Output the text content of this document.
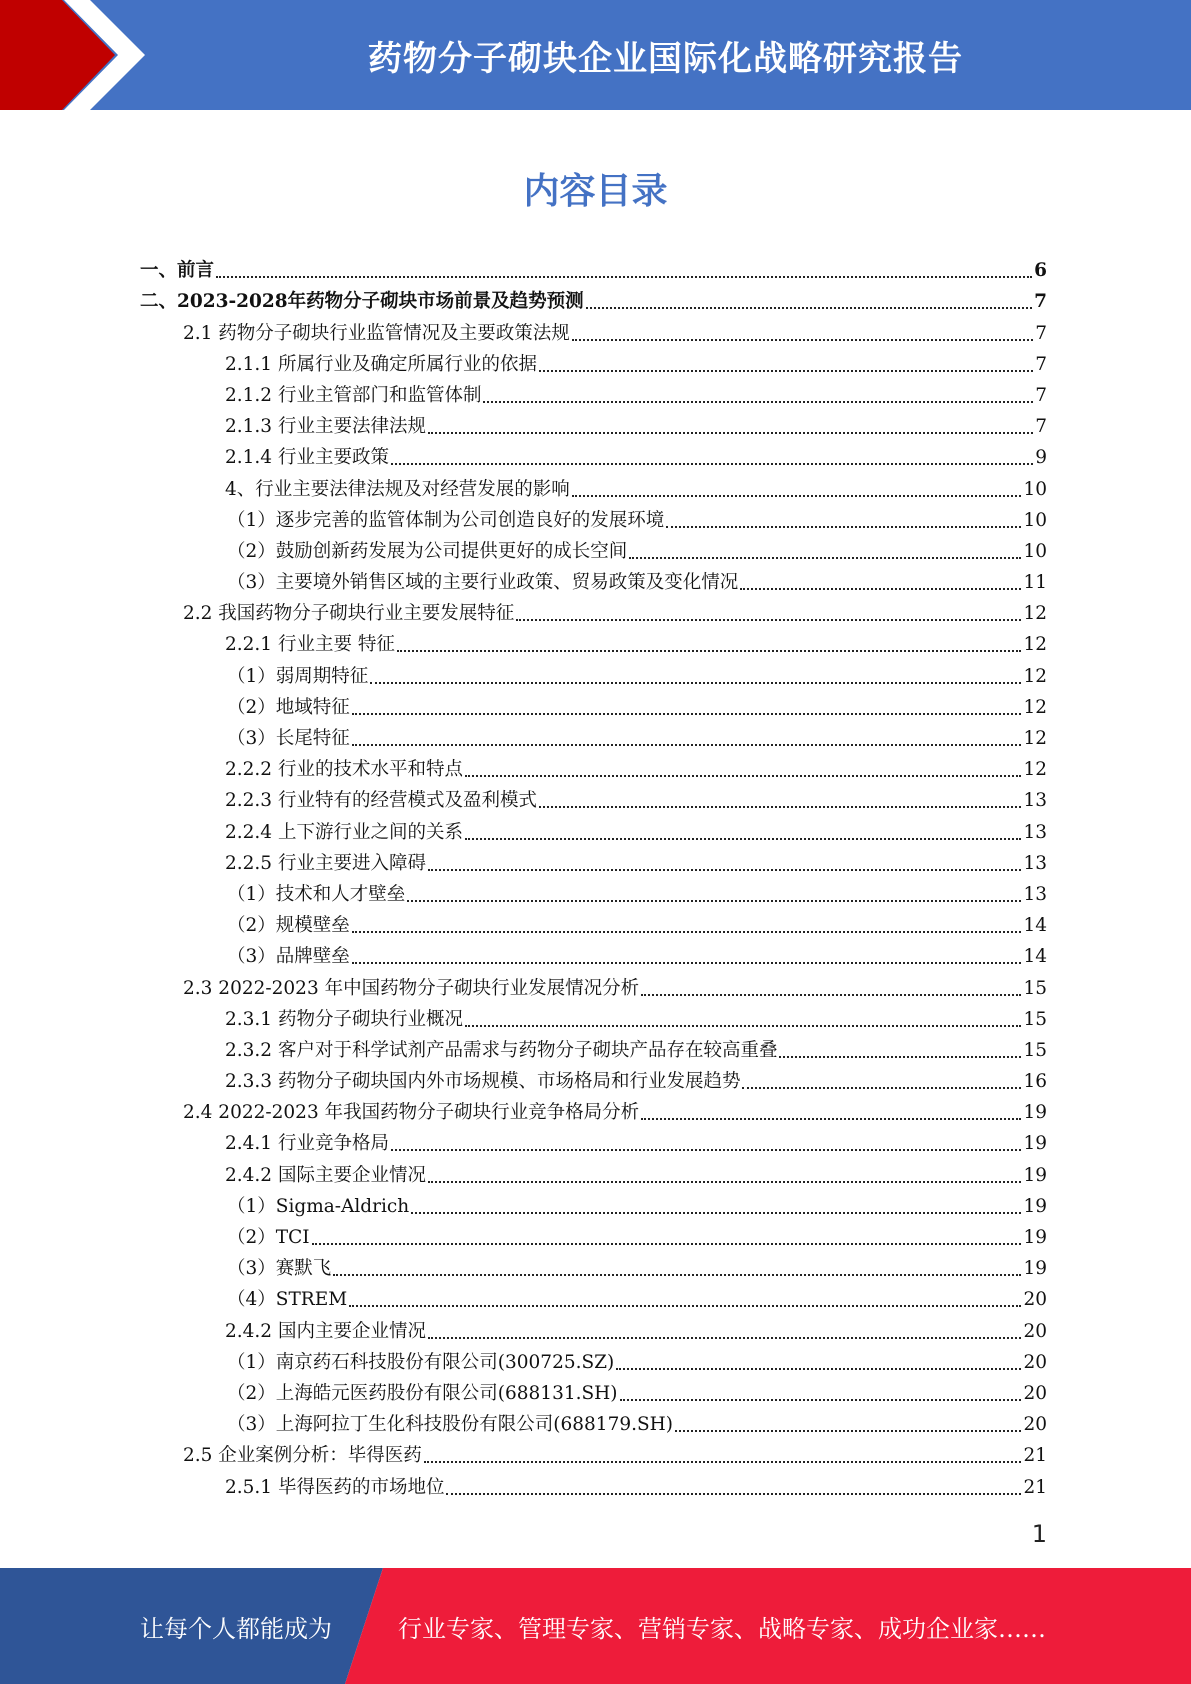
药物分子砌块企业国际化战略研究报告
内容目录
一、前言	6
二、2023-2028年药物分子砌块市场前景及趋势预测	7
2.1 药物分子砌块行业监管情况及主要政策法规	7
2.1.1 所属行业及确定所属行业的依据	7
2.1.2 行业主管部门和监管体制	7
2.1.3 行业主要法律法规	7
2.1.4 行业主要政策	9
4、行业主要法律法规及对经营发展的影响	10
（1）逐步完善的监管体制为公司创造良好的发展环境	10
（2）鼓励创新药发展为公司提供更好的成长空间	10
（3）主要境外销售区域的主要行业政策、贸易政策及变化情况	11
2.2 我国药物分子砌块行业主要发展特征	12
2.2.1 行业主要 特征	12
（1）弱周期特征	12
（2）地域特征	12
（3）长尾特征	12
2.2.2 行业的技术水平和特点	12
2.2.3 行业特有的经营模式及盈利模式	13
2.2.4 上下游行业之间的关系	13
2.2.5 行业主要进入障碍	13
（1）技术和人才壁垒	13
（2）规模壁垒	14
（3）品牌壁垒	14
2.3 2022-2023 年中国药物分子砌块行业发展情况分析	15
2.3.1 药物分子砌块行业概况	15
2.3.2 客户对于科学试剂产品需求与药物分子砌块产品存在较高重叠	15
2.3.3 药物分子砌块国内外市场规模、市场格局和行业发展趋势	16
2.4 2022-2023 年我国药物分子砌块行业竞争格局分析	19
2.4.1 行业竞争格局	19
2.4.2 国际主要企业情况	19
（1）Sigma-Aldrich	19
（2）TCI	19
（3）赛默飞	19
（4）STREM	20
2.4.2 国内主要企业情况	20
（1）南京药石科技股份有限公司(300725.SZ)	20
（2）上海皓元医药股份有限公司(688131.SH)	20
（3）上海阿拉丁生化科技股份有限公司(688179.SH)	20
2.5 企业案例分析：毕得医药	21
2.5.1 毕得医药的市场地位	21
1
让每个人都能成为	行业专家、管理专家、营销专家、战略专家、成功企业家……
